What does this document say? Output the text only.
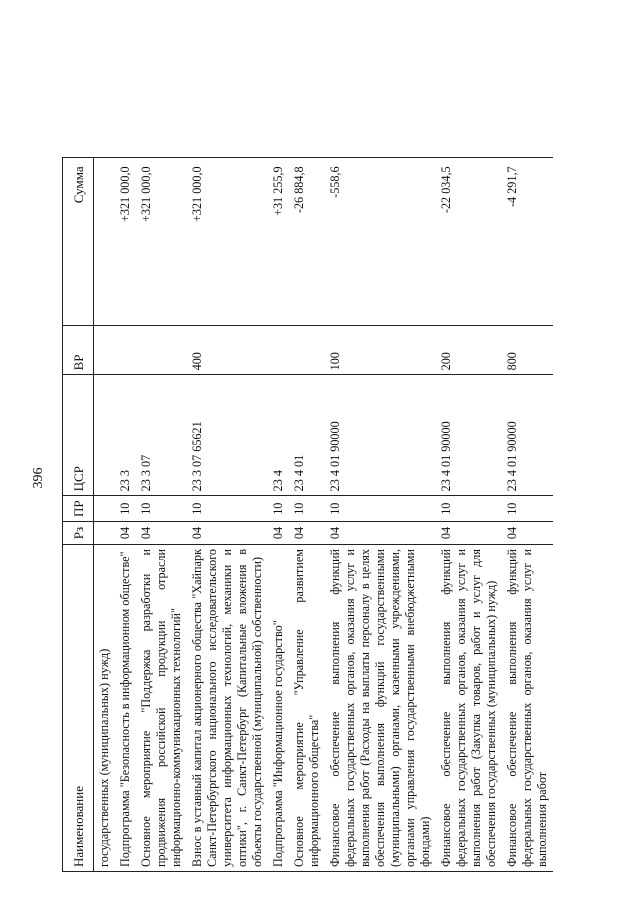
396
Наименование	Рз	ПР	ЦСР	ВР	Сумма
государственных (муниципальных) нужд)					
Подпрограмма "Безопасность в информационном обществе"	04	10	23 3		+321 000,0
Основное мероприятие "Поддержка разработки и продвижения российской продукции отрасли информационно-коммуникационных технологий"	04	10	23 3 07		+321 000,0
Взнос в уставный капитал акционерного общества "Хайпарк Санкт-Петербургского национального исследовательского университета информационных технологий, механики и оптики", г. Санкт-Петербург (Капитальные вложения в объекты государственной (муниципальной) собственности)	04	10	23 3 07 65621	400	+321 000,0
Подпрограмма "Информационное государство"	04	10	23 4		+31 255,9
Основное мероприятие "Управление развитием информационного общества"	04	10	23 4 01		-26 884,8
Финансовое обеспечение выполнения функций федеральных государственных органов, оказания услуг и выполнения работ (Расходы на выплаты персоналу в целях обеспечения выполнения функций государственными (муниципальными) органами, казенными учреждениями, органами управления государственными внебюджетными фондами)	04	10	23 4 01 90000	100	-558,6
Финансовое обеспечение выполнения функций федеральных государственных органов, оказания услуг и выполнения работ (Закупка товаров, работ и услуг для обеспечения государственных (муниципальных) нужд)	04	10	23 4 01 90000	200	-22 034,5
Финансовое обеспечение выполнения функций федеральных государственных органов, оказания услуг и выполнения работ	04	10	23 4 01 90000	800	-4 291,7
